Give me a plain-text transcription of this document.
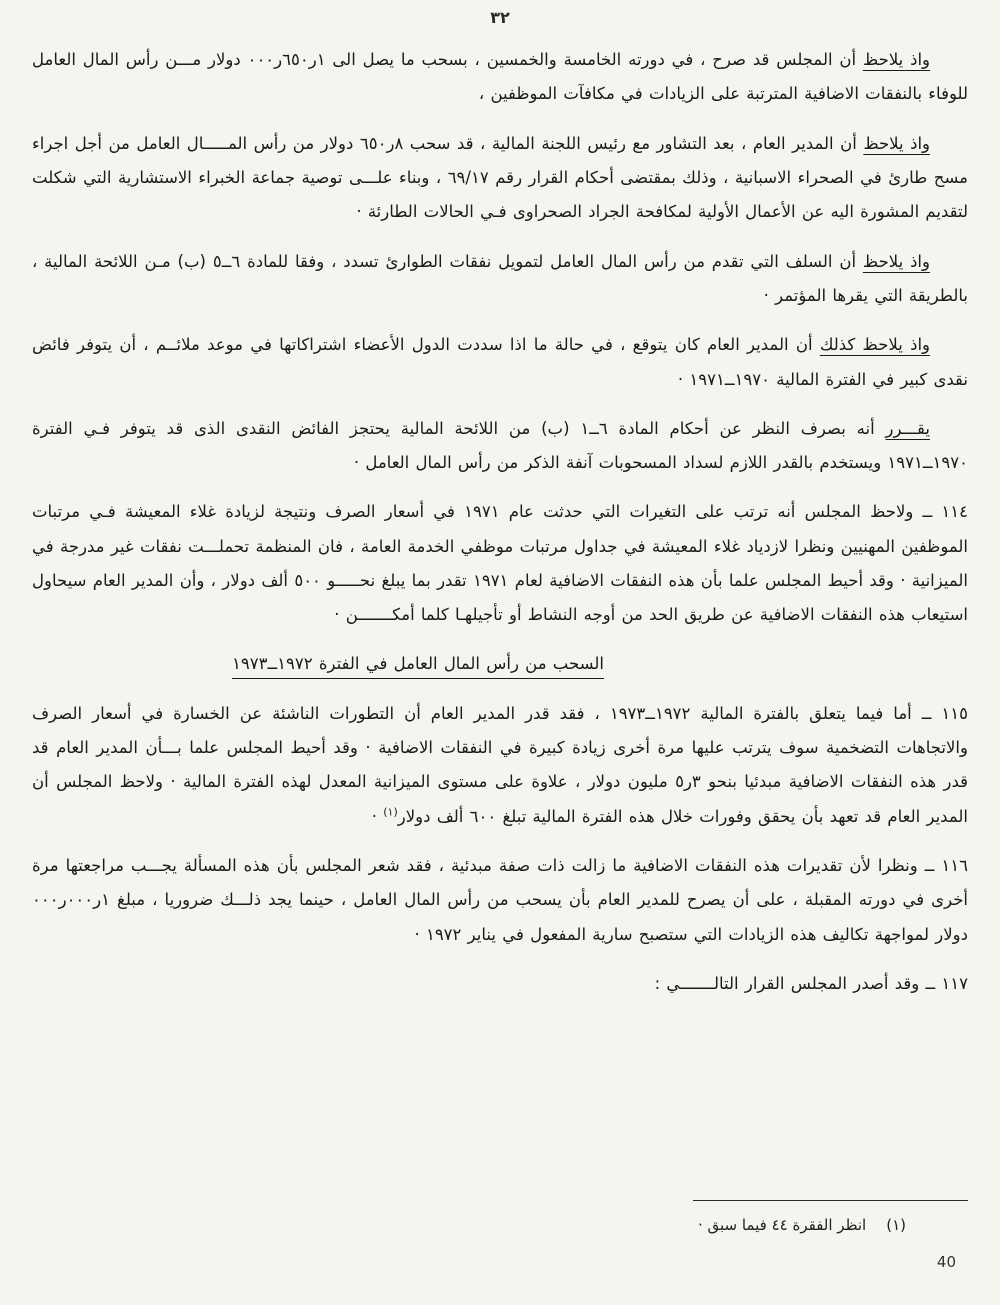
٣٢

واذ يلاحظ أن المجلس قد صرح ، في دورته الخامسة والخمسين ، بسحب ما يصل الى ١ر٦٥٠ر٠٠٠ دولار مـــن رأس المال العامل للوفاء بالنفقات الاضافية المترتبة على الزيادات في مكافآت الموظفين ،

واذ يلاحظ أن المدير العام ، بعد التشاور مع رئيس اللجنة المالية ، قد سحب ٨ر٦٥٠ دولار من رأس المـــــال العامل من أجل اجراء مسح طارئ في الصحراء الاسبانية ، وذلك بمقتضى أحكام القرار رقم ٦٩/١٧ ، وبناء علـــى توصية جماعة الخبراء الاستشارية التي شكلت لتقديم المشورة اليه عن الأعمال الأولية لمكافحة الجراد الصحراوى فـي الحالات الطارئة ·

واذ يلاحظ أن السلف التي تقدم من رأس المال العامل لتمويل نفقات الطوارئ تسدد ، وفقا للمادة ٦ــ٥ (ب) مـن اللائحة المالية ، بالطريقة التي يقرها المؤتمر ·

واذ يلاحظ كذلك أن المدير العام كان يتوقع ، في حالة ما اذا سددت الدول الأعضاء اشتراكاتها في موعد ملائــم ، أن يتوفر فائض نقدى كبير في الفترة المالية ١٩٧٠ــ١٩٧١ ·

يقـــرر أنه بصرف النظر عن أحكام المادة ٦ــ١ (ب) من اللائحة المالية يحتجز الفائض النقدى الذى قد يتوفر فـي الفترة ١٩٧٠ــ١٩٧١ ويستخدم بالقدر اللازم لسداد المسحوبات آنفة الذكر من رأس المال العامل ·

١١٤ ــ ولاحظ المجلس أنه ترتب على التغيرات التي حدثت عام ١٩٧١ في أسعار الصرف ونتيجة لزيادة غلاء المعيشة فـي مرتبات الموظفين المهنيين ونظرا لازدياد غلاء المعيشة في جداول مرتبات موظفي الخدمة العامة ، فان المنظمة تحملـــت نفقات غير مدرجة في الميزانية · وقد أحيط المجلس علما بأن هذه النفقات الاضافية لعام ١٩٧١ تقدر بما يبلغ نحـــــو ٥٠٠ ألف دولار ، وأن المدير العام سيحاول استيعاب هذه النفقات الاضافية عن طريق الحد من أوجه النشاط أو تأجيلهـا كلما أمكـــــــن ·

السحب من رأس المال العامل في الفترة ١٩٧٢ــ١٩٧٣

١١٥ ــ أما فيما يتعلق بالفترة المالية ١٩٧٢ــ١٩٧٣ ، فقد قدر المدير العام أن التطورات الناشئة عن الخسارة في أسعار الصرف والاتجاهات التضخمية سوف يترتب عليها مرة أخرى زيادة كبيرة في النفقات الاضافية · وقد أحيط المجلس علما بـــأن المدير العام قد قدر هذه النفقات الاضافية مبدئيا بنحو ٣ر٥ مليون دولار ، علاوة على مستوى الميزانية المعدل لهذه الفترة المالية · ولاحظ المجلس أن المدير العام قد تعهد بأن يحقق وفورات خلال هذه الفترة المالية تبلغ ٦٠٠ ألف دولار$^{(١)}$ ·

١١٦ ــ ونظرا لأن تقديرات هذه النفقات الاضافية ما زالت ذات صفة مبدئية ، فقد شعر المجلس بأن هذه المسألة يجـــب مراجعتها مرة أخرى في دورته المقبلة ، على أن يصرح للمدير العام بأن يسحب من رأس المال العامل ، حينما يجد ذلـــك ضروريا ، مبلغ ١ر٠٠٠ر٠٠٠ دولار لمواجهة تكاليف هذه الزيادات التي ستصبح سارية المفعول في يناير ١٩٧٢ ·

١١٧ ــ وقد أصدر المجلس القرار التالـــــــي :

(١)انظر الفقرة ٤٤ فيما سبق ·
40
